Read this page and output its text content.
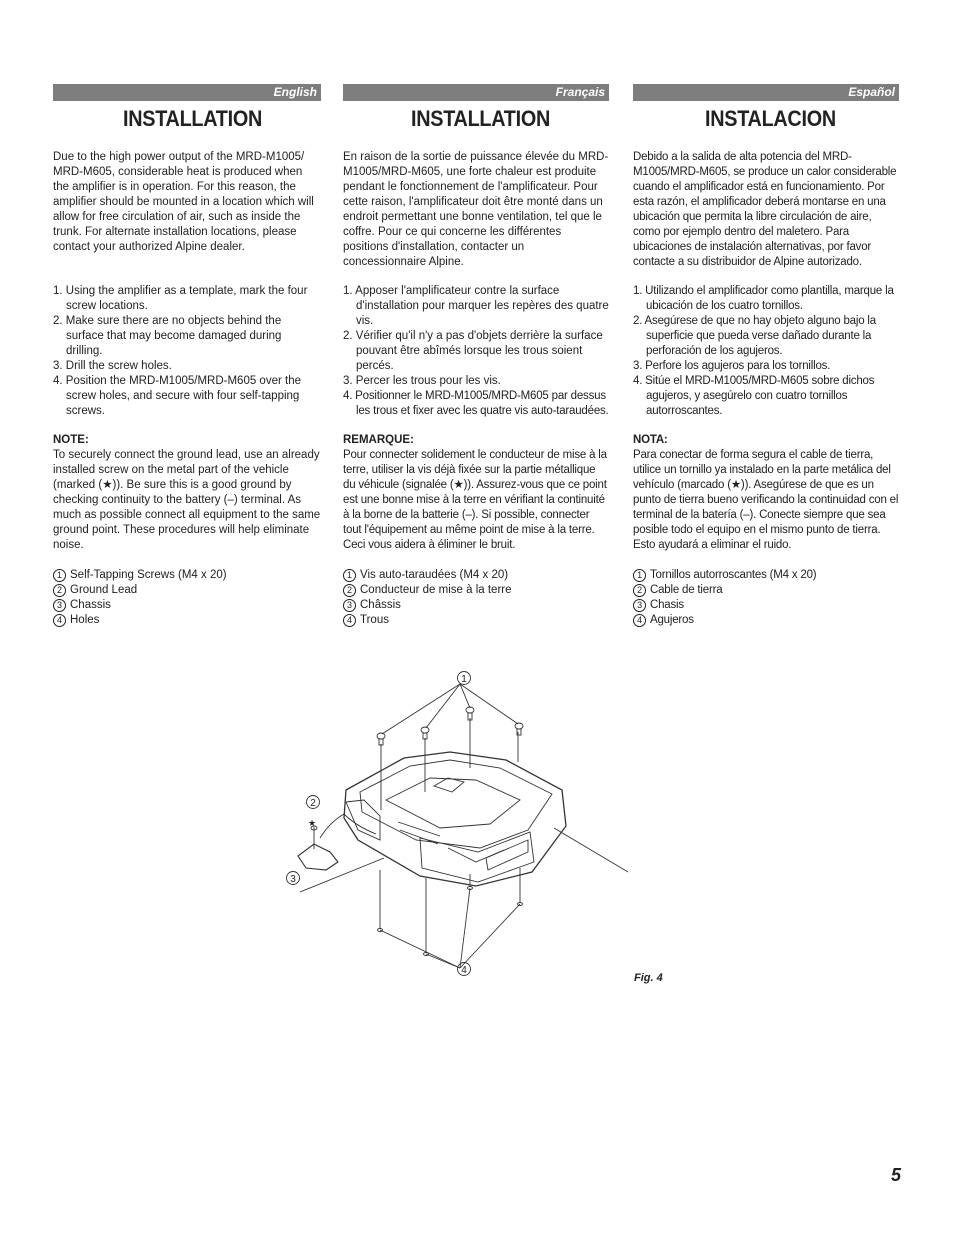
English
INSTALLATION

Due to the high power output of the MRD-M1005/ MRD-M605, considerable heat is produced when the amplifier is in operation. For this reason, the amplifier should be mounted in a location which will allow for free circulation of air, such as inside the trunk. For alternate installation locations, please contact your authorized Alpine dealer.

1. Using the amplifier as a template, mark the four screw locations.
2. Make sure there are no objects behind the surface that may become damaged during drilling.
3. Drill the screw holes.
4. Position the MRD-M1005/MRD-M605 over the screw holes, and secure with four self-tapping screws.

NOTE:

To securely connect the ground lead, use an already installed screw on the metal part of the vehicle (marked (★)). Be sure this is a good ground by checking continuity to the battery (–) terminal. As much as possible connect all equipment to the same ground point. These procedures will help eliminate noise.

1 Self-Tapping Screws (M4 x 20)
2 Ground Lead
3 Chassis
4 Holes
Français
INSTALLATION

En raison de la sortie de puissance élevée du MRD-M1005/MRD-M605, une forte chaleur est produite pendant le fonctionnement de l'amplificateur. Pour cette raison, l'amplificateur doit être monté dans un endroit permettant une bonne ventilation, tel que le coffre. Pour ce qui concerne les différentes positions d'installation, contacter un concessionnaire Alpine.

1. Apposer l'amplificateur contre la surface d'installation pour marquer les repères des quatre vis.
2. Vérifier qu'il n'y a pas d'objets derrière la surface pouvant être abîmés lorsque les trous soient percés.
3. Percer les trous pour les vis.
4. Positionner le MRD-M1005/MRD-M605 par dessus les trous et fixer avec les quatre vis auto-taraudées.

REMARQUE:

Pour connecter solidement le conducteur de mise à la terre, utiliser la vis déjà fixée sur la partie métallique du véhicule (signalée (★)). Assurez-vous que ce point est une bonne mise à la terre en vérifiant la continuité à la borne de la batterie (–). Si possible, connecter tout l'équipement au même point de mise à la terre. Ceci vous aidera à éliminer le bruit.

1 Vis auto-taraudées (M4 x 20)
2 Conducteur de mise à la terre
3 Châssis
4 Trous
Español
INSTALACION

Debido a la salida de alta potencia del MRD-M1005/MRD-M605, se produce un calor considerable cuando el amplificador está en funcionamiento. Por esta razón, el amplificador deberá montarse en una ubicación que permita la libre circulación de aire, como por ejemplo dentro del maletero. Para ubicaciones de instalación alternativas, por favor contacte a su distribuidor de Alpine autorizado.

1. Utilizando el amplificador como plantilla, marque la ubicación de los cuatro tornillos.
2. Asegúrese de que no hay objeto alguno bajo la superficie que pueda verse dañado durante la perforación de los agujeros.
3. Perfore los agujeros para los tornillos.
4. Sitúe el MRD-M1005/MRD-M605 sobre dichos agujeros, y asegúrelo con cuatro tornillos autorroscantes.

NOTA:

Para conectar de forma segura el cable de tierra, utilice un tornillo ya instalado en la parte metálica del vehículo (marcado (★)). Asegúrese de que es un punto de tierra bueno verificando la continuidad con el terminal de la batería (–). Conecte siempre que sea posible todo el equipo en el mismo punto de tierra. Esto ayudará a eliminar el ruido.

1 Tornillos autorroscantes (M4 x 20)
2 Cable de tierra
3 Chasis
4 Agujeros
1
2
3
4
★
Fig. 4
5
